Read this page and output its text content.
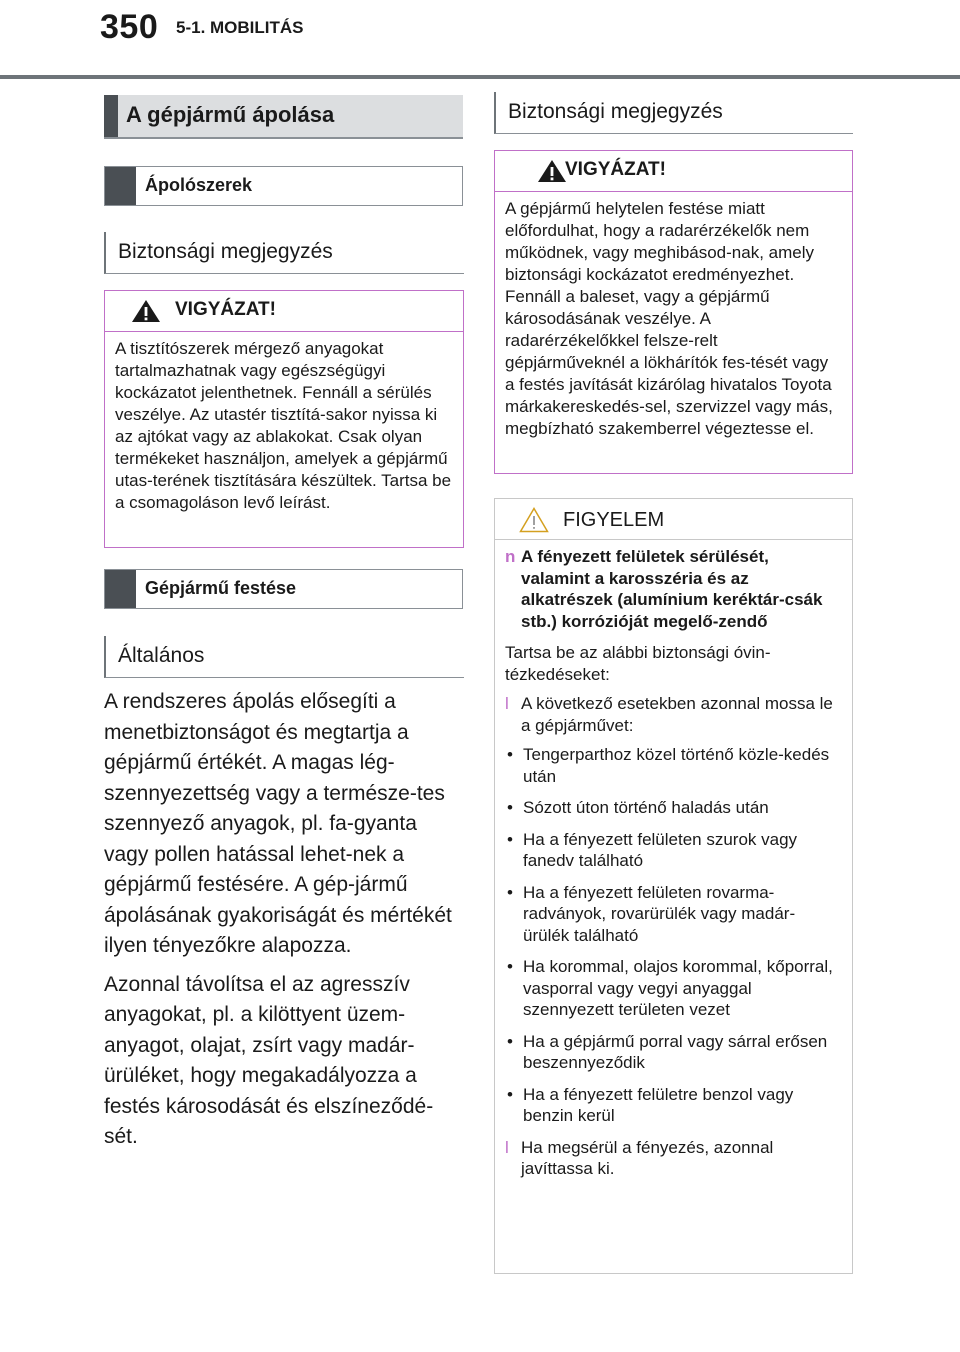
350 5-1. MOBILITÁS
A gépjármű ápolása
Ápolószerek
Biztonsági megjegyzés
VIGYÁZAT!
A tisztítószerek mérgező anyagokat tartalmazhatnak vagy egészségügyi kockázatot jelenthetnek. Fennáll a sérülés veszélye. Az utastér tisztítá-sakor nyissa ki az ajtókat vagy az ablakokat. Csak olyan termékeket használjon, amelyek a gépjármű utas-terének tisztítására készültek. Tartsa be a csomagoláson levő leírást.
Gépjármű festése
Általános

A rendszeres ápolás elősegíti a menetbiztonságot és megtartja a gépjármű értékét. A magas lég-szennyezettség vagy a természe-tes szennyező anyagok, pl. fa-gyanta vagy pollen hatással lehet-nek a gépjármű festésére. A gép-jármű ápolásának gyakoriságát és mértékét ilyen tényezőkre alapozza.

Azonnal távolítsa el az agresszív anyagokat, pl. a kilöttyent üzem-anyagot, olajat, zsírt vagy madár-ürüléket, hogy megakadályozza a festés károsodását és elszíneződé-sét.

Biztonsági megjegyzés
VIGYÁZAT!
A gépjármű helytelen festése miatt előfordulhat, hogy a radarérzékelők nem működnek, vagy meghibásod-nak, amely biztonsági kockázatot eredményezhet. Fennáll a baleset, vagy a gépjármű károsodásának veszélye. A radarérzékelőkkel felsze-relt gépjárműveknél a lökhárítók fes-tését vagy a festés javítását kizárólag hivatalos Toyota márkakereskedés-sel, szervizzel vagy más, megbízható szakemberrel végeztesse el.
FIGYELEM
n A fényezett felületek sérülését, valamint a karosszéria és az alkatrészek (alumínium keréktár-csák stb.) korrózióját megelő-zendő
Tartsa be az alábbi biztonsági óvin-tézkedéseket:
l A következő esetekben azonnal mossa le a gépjárművet:
• Tengerparthoz közel történő közle-kedés után
• Sózott úton történő haladás után
• Ha a fényezett felületen szurok vagy fanedv található
• Ha a fényezett felületen rovarma-radványok, rovarürülék vagy madár-ürülék található
• Ha korommal, olajos korommal, kőporral, vasporral vagy vegyi anyaggal szennyezett területen vezet
• Ha a gépjármű porral vagy sárral erősen beszennyeződik
• Ha a fényezett felületre benzol vagy benzin kerül
l Ha megsérül a fényezés, azonnal javíttassa ki.
